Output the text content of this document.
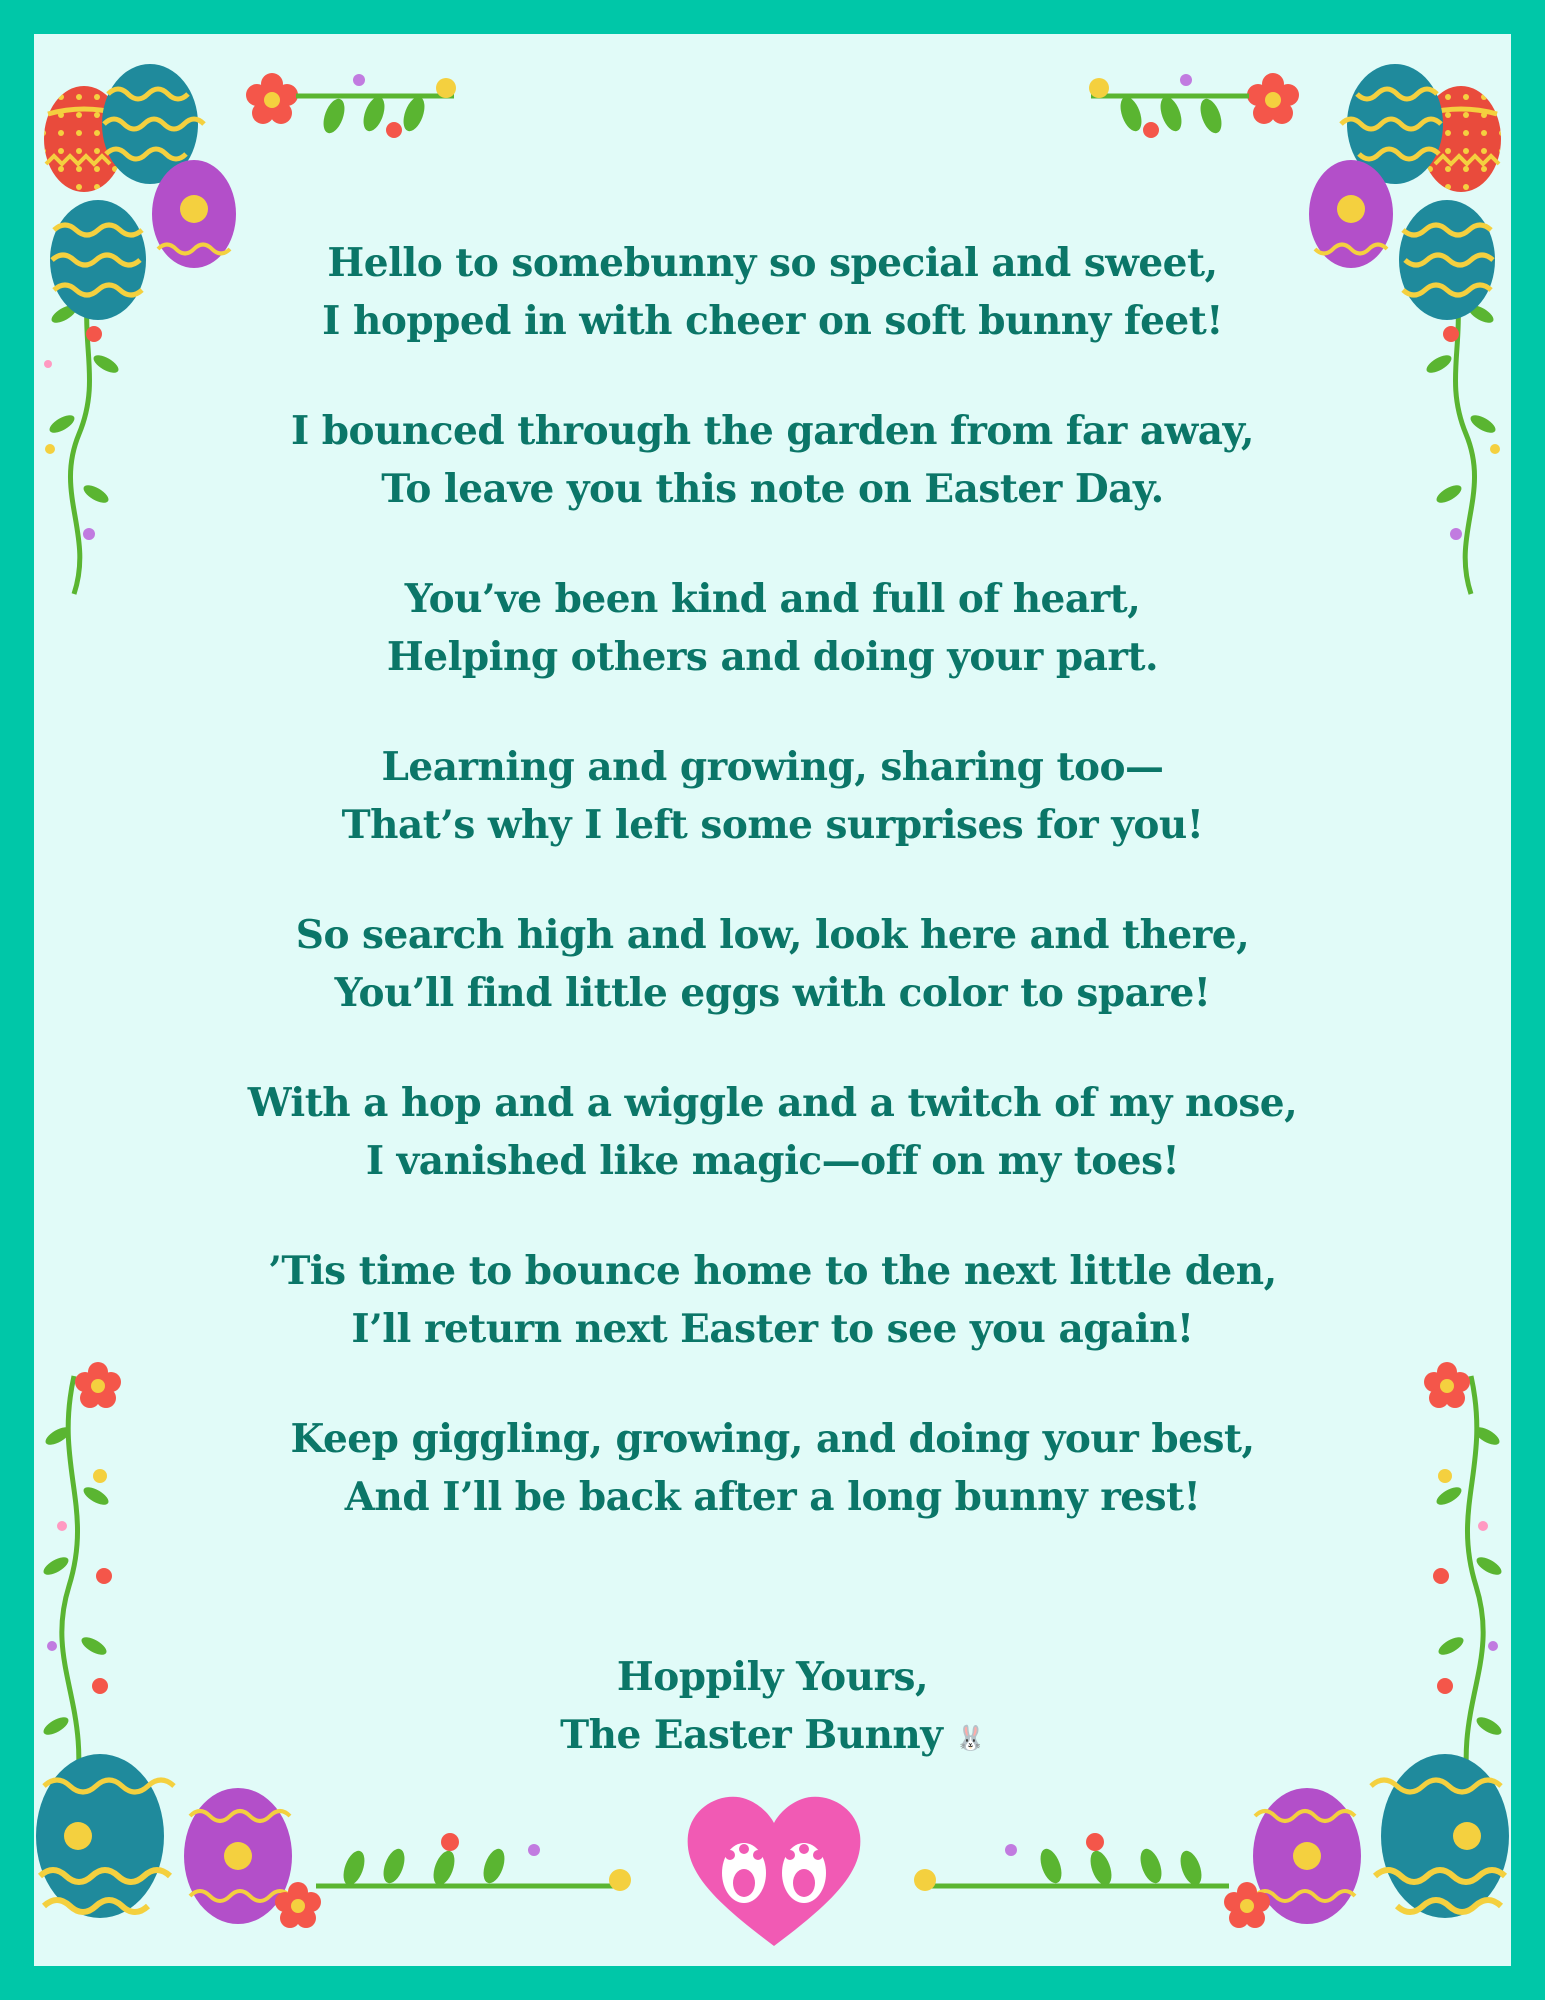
Hello to somebunny so special and sweet,
I hopped in with cheer on soft bunny feet!
I bounced through the garden from far away,
To leave you this note on Easter Day.
You’ve been kind and full of heart,
Helping others and doing your part.
Learning and growing, sharing too—
That’s why I left some surprises for you!
So search high and low, look here and there,
You’ll find little eggs with color to spare!
With a hop and a wiggle and a twitch of my nose,
I vanished like magic—off on my toes!
’Tis time to bounce home to the next little den,
I’ll return next Easter to see you again!
Keep giggling, growing, and doing your best,
And I’ll be back after a long bunny rest!
Hoppily Yours,
The Easter Bunny 🐰
